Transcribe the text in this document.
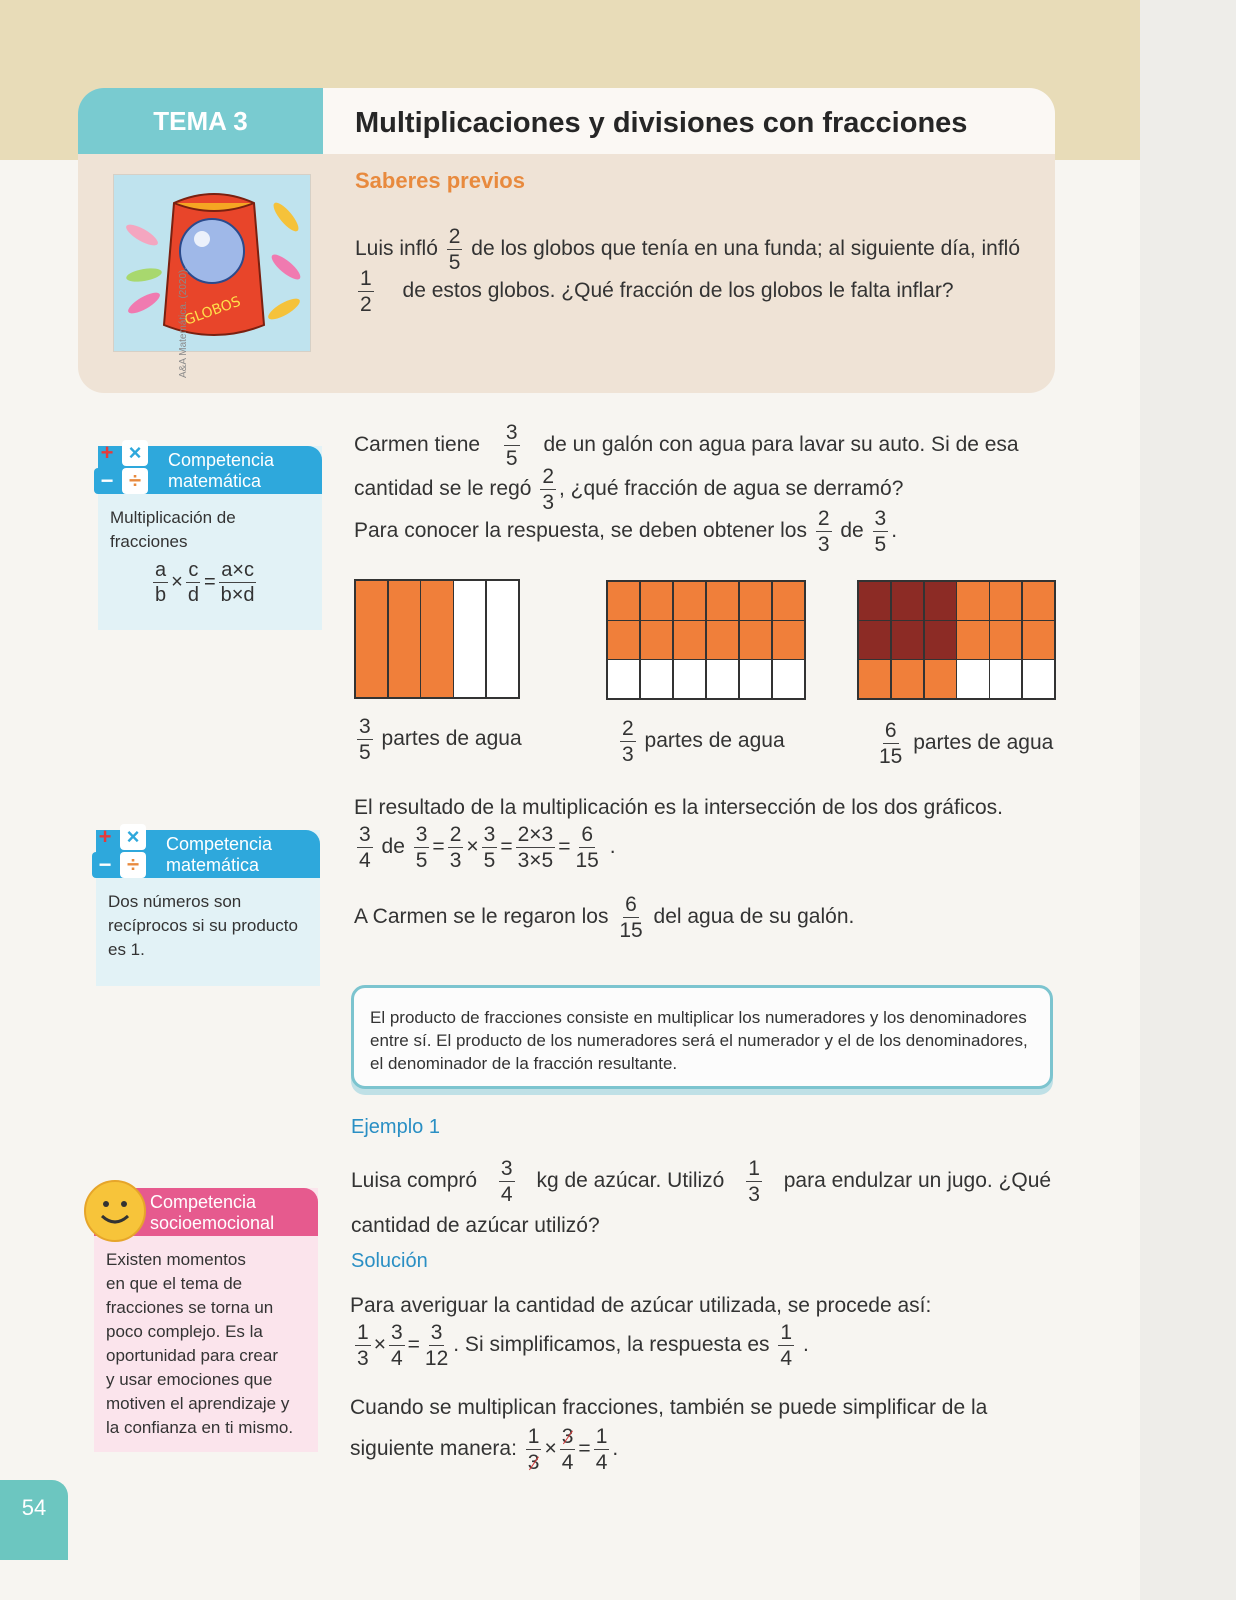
TEMA 3	Multiplicaciones y divisiones con fracciones
GLOBOS
A&A Matemática. (2020).
Saberes previos
Luis infló $\frac{2}{5}$ de los globos que tenía en una funda; al siguiente día, infló
$\frac{1}{2}$ de estos globos. ¿Qué fracción de los globos le falta inflar?
+ ×
− ÷
Competencia
matemática
Multiplicación de
fracciones
$\frac{a}{b} \times \frac{c}{d} = \frac{a\times c}{b\times d}$
+ ×
− ÷
Competencia
matemática
Dos números son
recíprocos si su producto
es 1.
Competencia
socioemocional
Existen momentos
en que el tema de
fracciones se torna un
poco complejo. Es la
oportunidad para crear
y usar emociones que
motiven el aprendizaje y
la confianza en ti mismo.
Carmen tiene $\frac{3}{5}$ de un galón con agua para lavar su auto. Si de esa
cantidad se le regó $\frac{2}{3}$ , ¿qué fracción de agua se derramó?
Para conocer la respuesta, se deben obtener los $\frac{2}{3}$ de $\frac{3}{5}$ .
$\frac{3}{5}$ partes de agua	$\frac{2}{3}$ partes de agua	$\frac{6}{15}$ partes de agua
El resultado de la multiplicación es la intersección de los dos gráficos.
$\frac{3}{4}$ de $\frac{3}{5} = \frac{2}{3} \times \frac{3}{5} = \frac{2\times 3}{3\times 5} = \frac{6}{15}$ .
A Carmen se le regaron los $\frac{6}{15}$ del agua de su galón.

El producto de fracciones consiste en multiplicar los numeradores y los denominadores entre sí. El producto de los numeradores será el numerador y el de los denominadores, el denominador de la fracción resultante.

Ejemplo 1
Luisa compró $\frac{3}{4}$ kg de azúcar. Utilizó $\frac{1}{3}$ para endulzar un jugo. ¿Qué
cantidad de azúcar utilizó?
Solución
Para averiguar la cantidad de azúcar utilizada, se procede así:
$\frac{1}{3} \times \frac{3}{4} = \frac{3}{12}$ . Si simplificamos, la respuesta es $\frac{1}{4}$ .
Cuando se multiplican fracciones, también se puede simplificar de la
siguiente manera: $\frac{1}{3} \times \frac{3}{4} = \frac{1}{4}$ .
54
